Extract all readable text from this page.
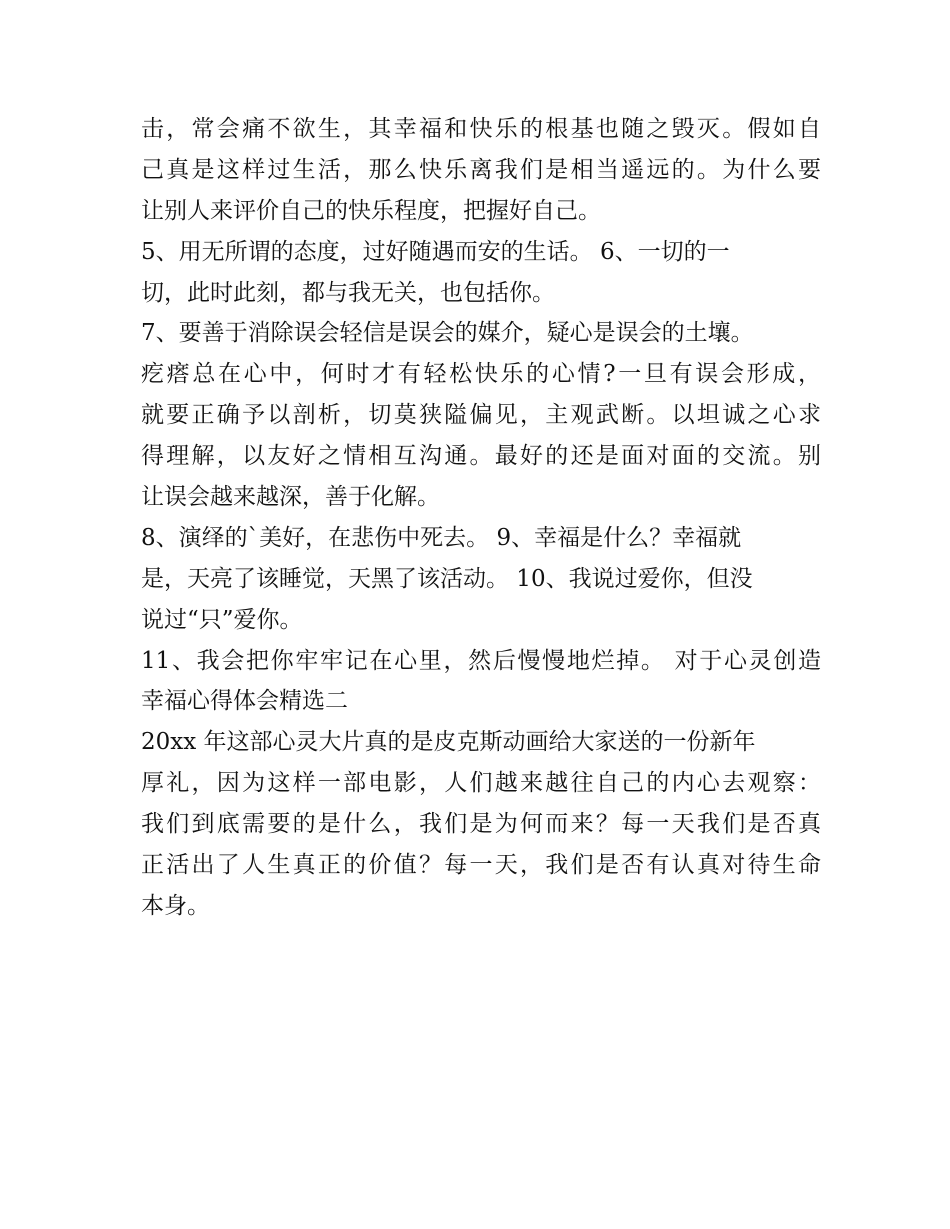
击，常会痛不欲生，其幸福和快乐的根基也随之毁灭。假如自
己真是这样过生活，那么快乐离我们是相当遥远的。为什么要
让别人来评价自己的快乐程度，把握好自己。
5、用无所谓的态度，过好随遇而安的生话。 6、一切的一
切，此时此刻，都与我无关，也包括你。
7、要善于消除误会轻信是误会的媒介，疑心是误会的土壤。
疙瘩总在心中，何时才有轻松快乐的心情?一旦有误会形成，
就要正确予以剖析，切莫狭隘偏见，主观武断。以坦诚之心求
得理解，以友好之情相互沟通。最好的还是面对面的交流。别
让误会越来越深，善于化解。
8、演绎的`美好，在悲伤中死去。 9、幸福是什么？幸福就
是，天亮了该睡觉，天黑了该活动。 10、我说过爱你，但没
说过“只”爱你。
11、我会把你牢牢记在心里，然后慢慢地烂掉。 对于心灵创造
幸福心得体会精选二
20xx 年这部心灵大片真的是皮克斯动画给大家送的一份新年
厚礼，因为这样一部电影，人们越来越往自己的内心去观察：
我们到底需要的是什么，我们是为何而来？每一天我们是否真
正活出了人生真正的价值？每一天，我们是否有认真对待生命
本身。
